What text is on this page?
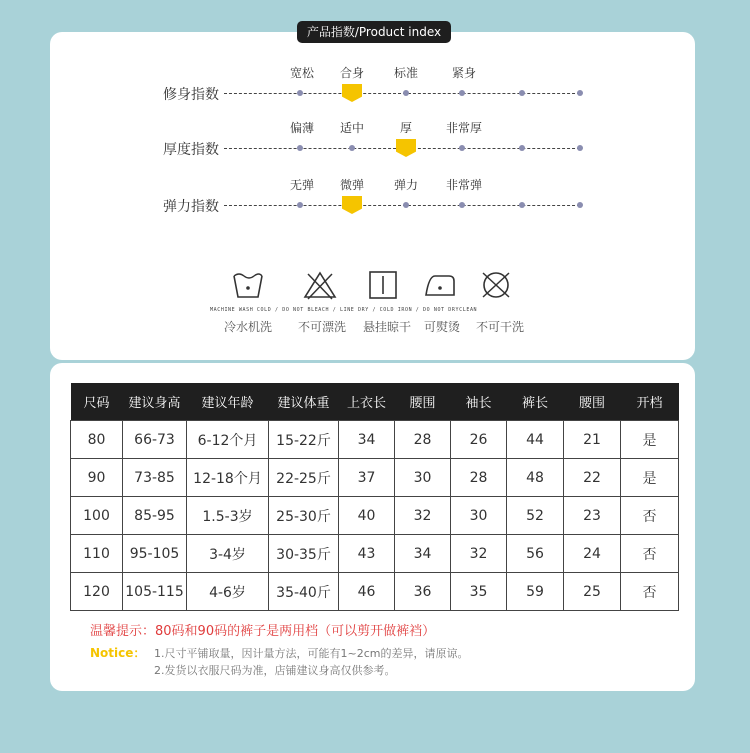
产品指数/Product index
修身指数
宽松 合身 标准	紧身
厚度指数
偏薄 适中	厚	非常厚
弹力指数
无弹 微弹 弹力 非常弹
MACHINE WASH COLD / DO NOT BLEACH / LINE DRY / COLD IRON / DO NOT DRYCLEAN
冷水机洗 不可漂洗 悬挂晾干 可熨烫 不可干洗
尺码	建议身高	建议年龄	建议体重	上衣长	腰围	袖长	裤长	腰围	开档
80	66-73	6-12个月	15-22斤	34	28	26	44	21	是
90	73-85	12-18个月	22-25斤	37	30	28	48	22	是
100	85-95	1.5-3岁	25-30斤	40	32	30	52	23	否
110	95-105	3-4岁	30-35斤	43	34	32	56	24	否
120	105-115	4-6岁	35-40斤	46	36	35	59	25	否
温馨提示：80码和90码的裤子是两用档（可以剪开做裤裆）
Notice： 1.尺寸平铺取量，因计量方法，可能有1~2cm的差异，请原谅。
2.发货以衣服尺码为准，店铺建议身高仅供参考。
